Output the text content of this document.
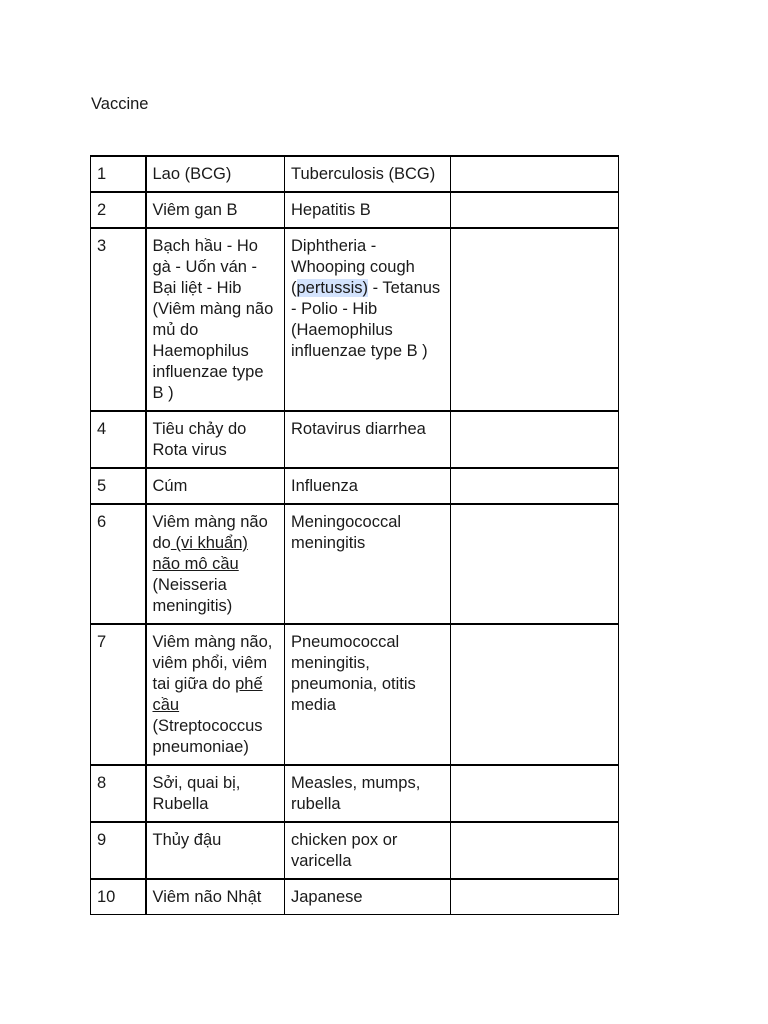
Vaccine
1	Lao (BCG)	Tuberculosis (BCG)	
2	Viêm gan B	Hepatitis B	
3	Bạch hầu - Ho gà - Uốn ván - Bại liệt - Hib (Viêm màng não mủ do Haemophilus influenzae type B )	Diphtheria - Whooping cough (pertussis) - Tetanus - Polio - Hib (Haemophilus influenzae type B )	
4	Tiêu chảy do Rota virus	Rotavirus diarrhea	
5	Cúm	Influenza	
6	Viêm màng não do (vi khuẩn) não mô cầu (Neisseria meningitis)	Meningococcal meningitis	
7	Viêm màng não, viêm phổi, viêm tai giữa do phế cầu (Streptococcus pneumoniae)	Pneumococcal meningitis, pneumonia, otitis media	
8	Sởi, quai bị, Rubella	Measles, mumps, rubella	
9	Thủy đậu	chicken pox or varicella	
10	Viêm não Nhật	Japanese	
